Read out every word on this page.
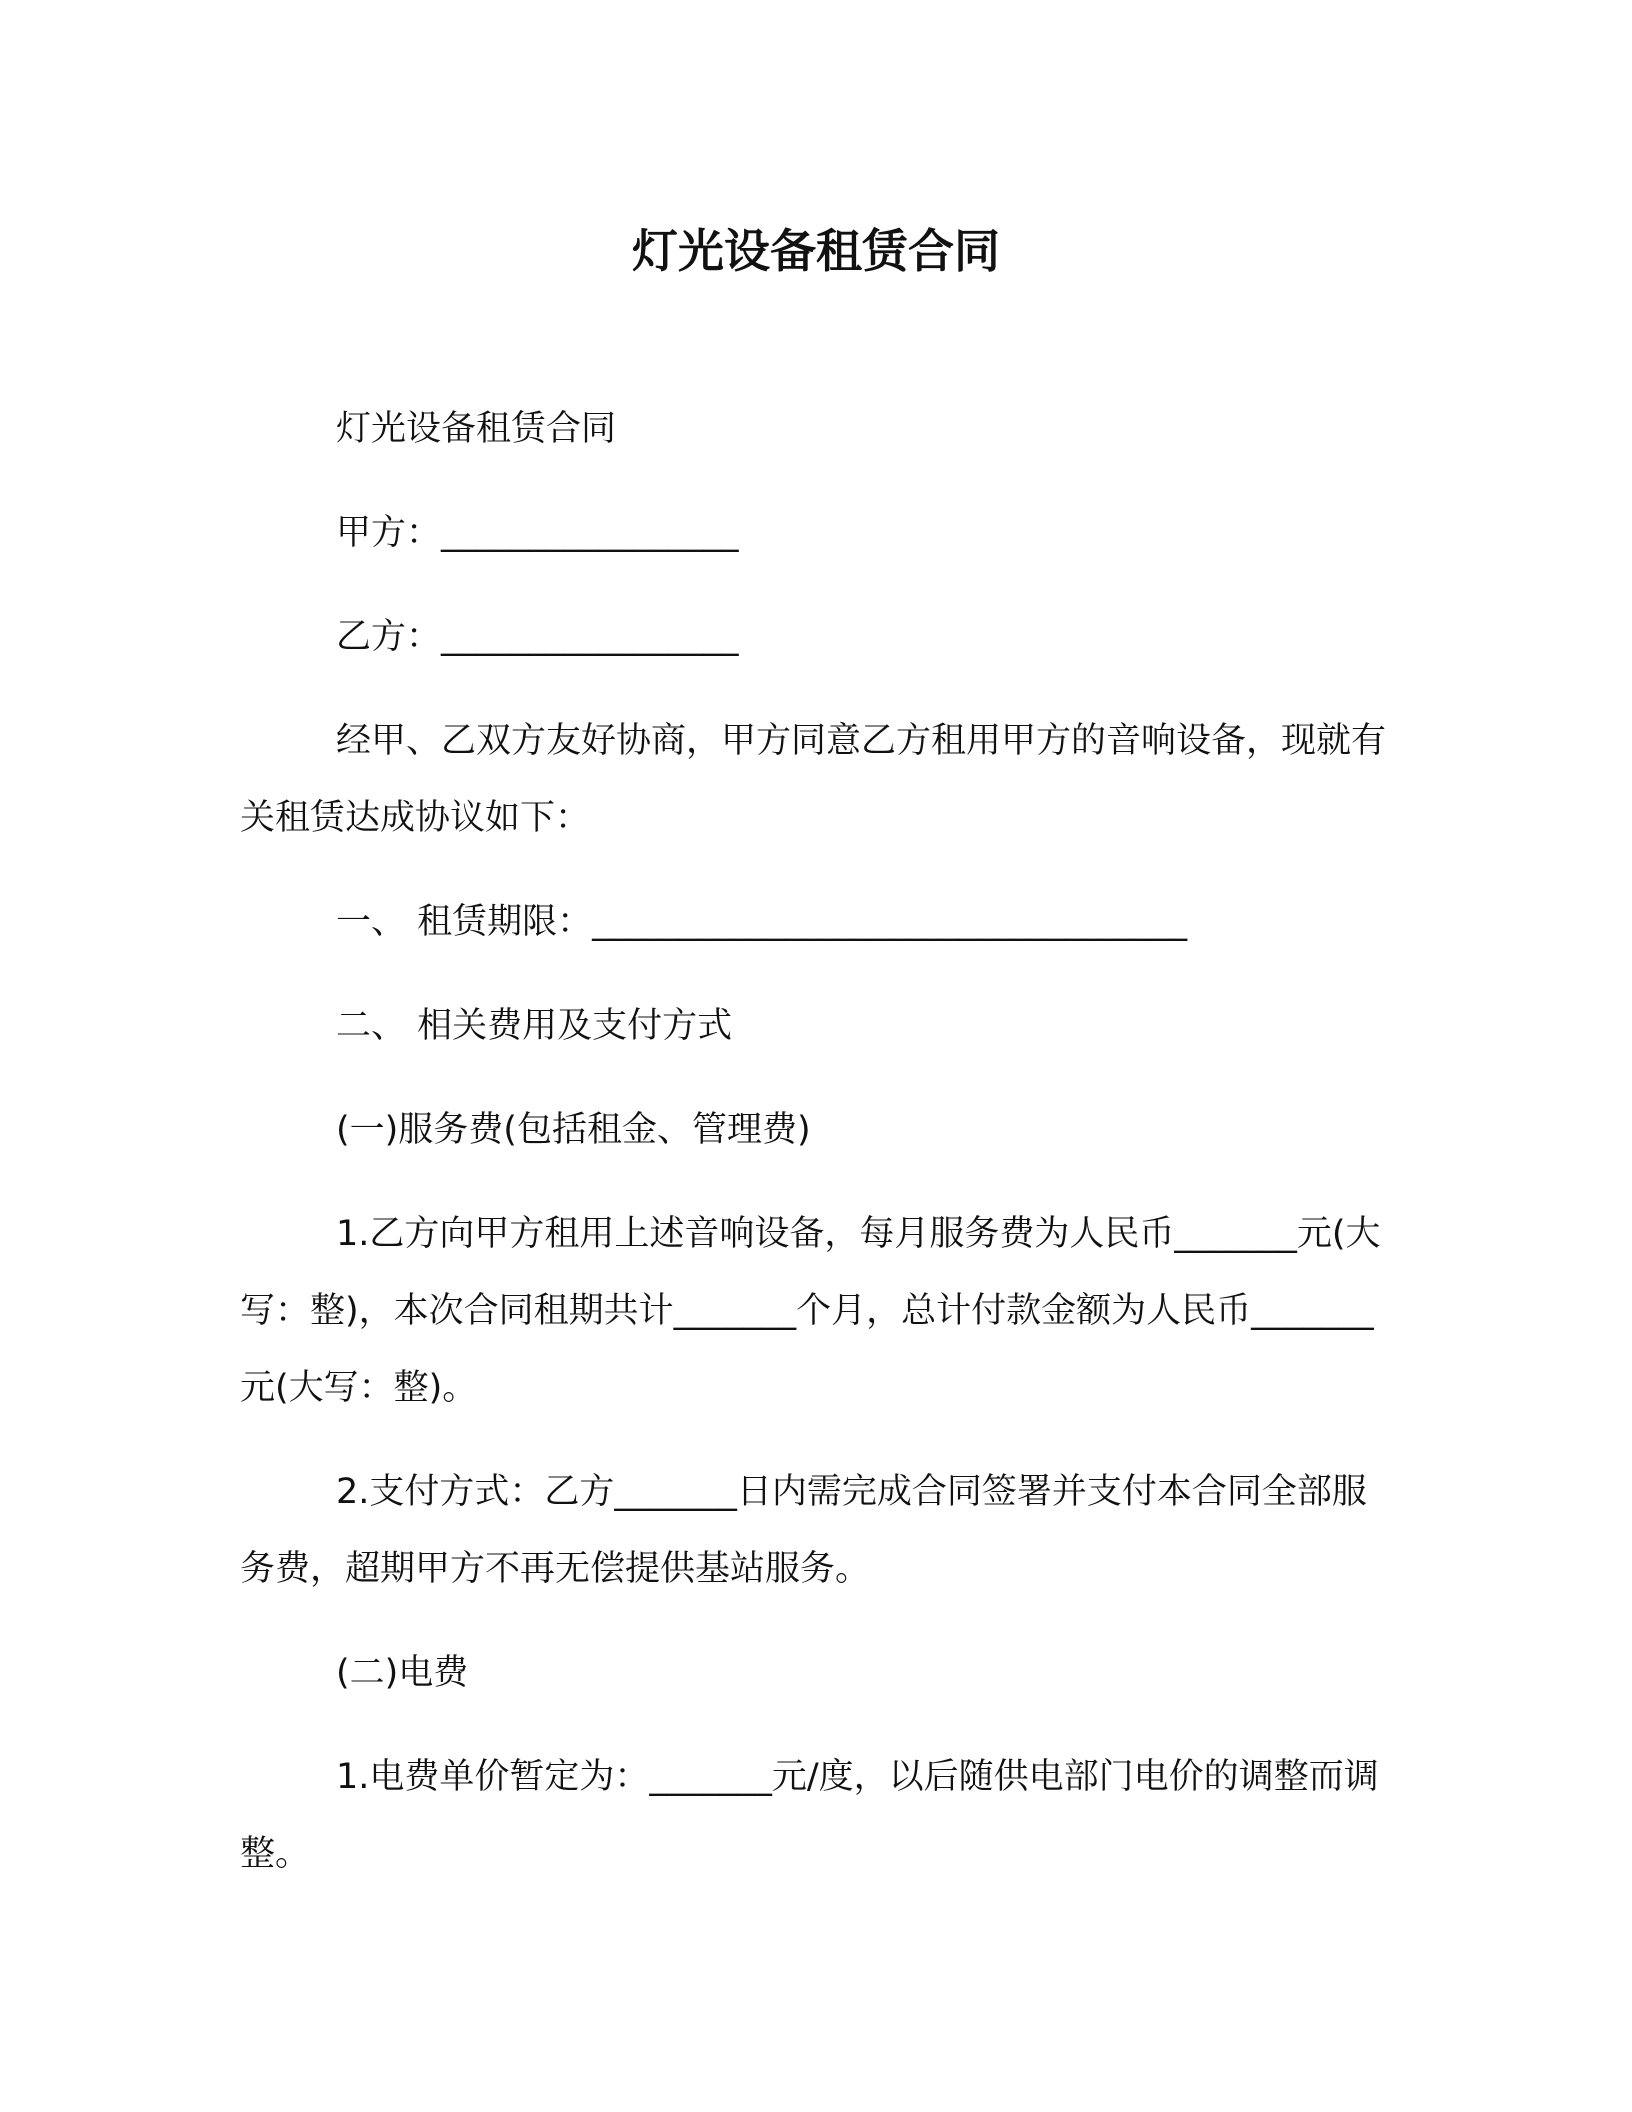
灯光设备租赁合同

灯光设备租赁合同

甲方：_________________

乙方：_________________

经甲、乙双方友好协商，甲方同意乙方租用甲方的音响设备，现就有关租赁达成协议如下：

一、 租赁期限：__________________________________

二、 相关费用及支付方式

(一)服务费(包括租金、管理费)

1.乙方向甲方租用上述音响设备，每月服务费为人民币_______元(大写：整)，本次合同租期共计_______个月，总计付款金额为人民币_______元(大写：整)。

2.支付方式：乙方_______日内需完成合同签署并支付本合同全部服务费，超期甲方不再无偿提供基站服务。

(二)电费

1.电费单价暂定为：_______元/度，以后随供电部门电价的调整而调整。
